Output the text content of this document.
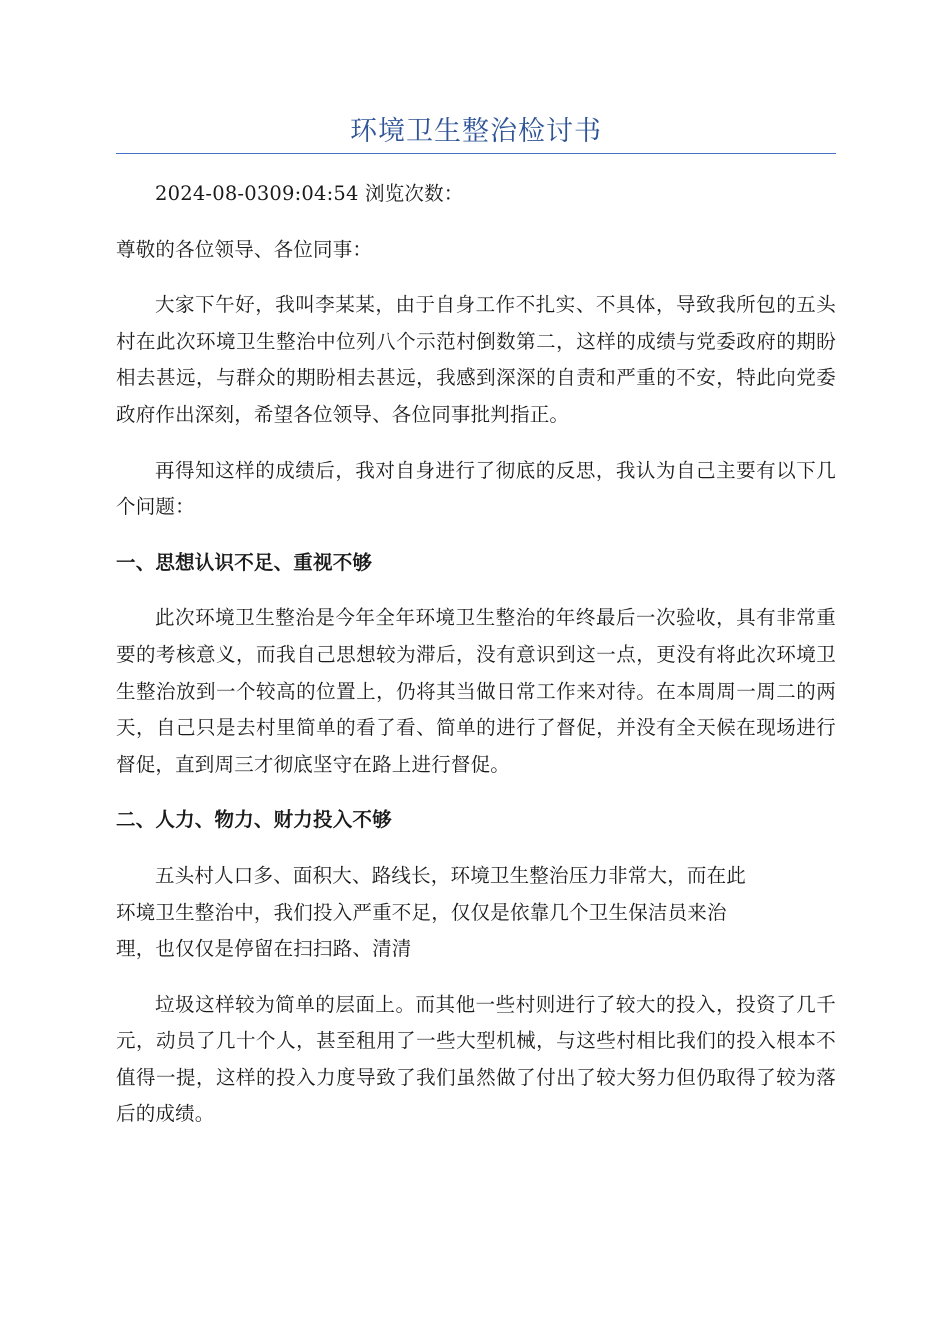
环境卫生整治检讨书

2024-08-0309:04:54 浏览次数：

尊敬的各位领导、各位同事：

大家下午好，我叫李某某，由于自身工作不扎实、不具体，导致我所包的五头村在此次环境卫生整治中位列八个示范村倒数第二，这样的成绩与党委政府的期盼相去甚远，与群众的期盼相去甚远，我感到深深的自责和严重的不安，特此向党委政府作出深刻，希望各位领导、各位同事批判指正。

再得知这样的成绩后，我对自身进行了彻底的反思，我认为自己主要有以下几个问题：

一、思想认识不足、重视不够

此次环境卫生整治是今年全年环境卫生整治的年终最后一次验收，具有非常重要的考核意义，而我自己思想较为滞后，没有意识到这一点，更没有将此次环境卫生整治放到一个较高的位置上，仍将其当做日常工作来对待。在本周周一周二的两天，自己只是去村里简单的看了看、简单的进行了督促，并没有全天候在现场进行督促，直到周三才彻底坚守在路上进行督促。

二、人力、物力、财力投入不够

五头村人口多、面积大、路线长，环境卫生整治压力非常大，而在此

环境卫生整治中，我们投入严重不足，仅仅是依靠几个卫生保洁员来治

理，也仅仅是停留在扫扫路、清清

垃圾这样较为简单的层面上。而其他一些村则进行了较大的投入，投资了几千元，动员了几十个人，甚至租用了一些大型机械，与这些村相比我们的投入根本不值得一提，这样的投入力度导致了我们虽然做了付出了较大努力但仍取得了较为落后的成绩。
